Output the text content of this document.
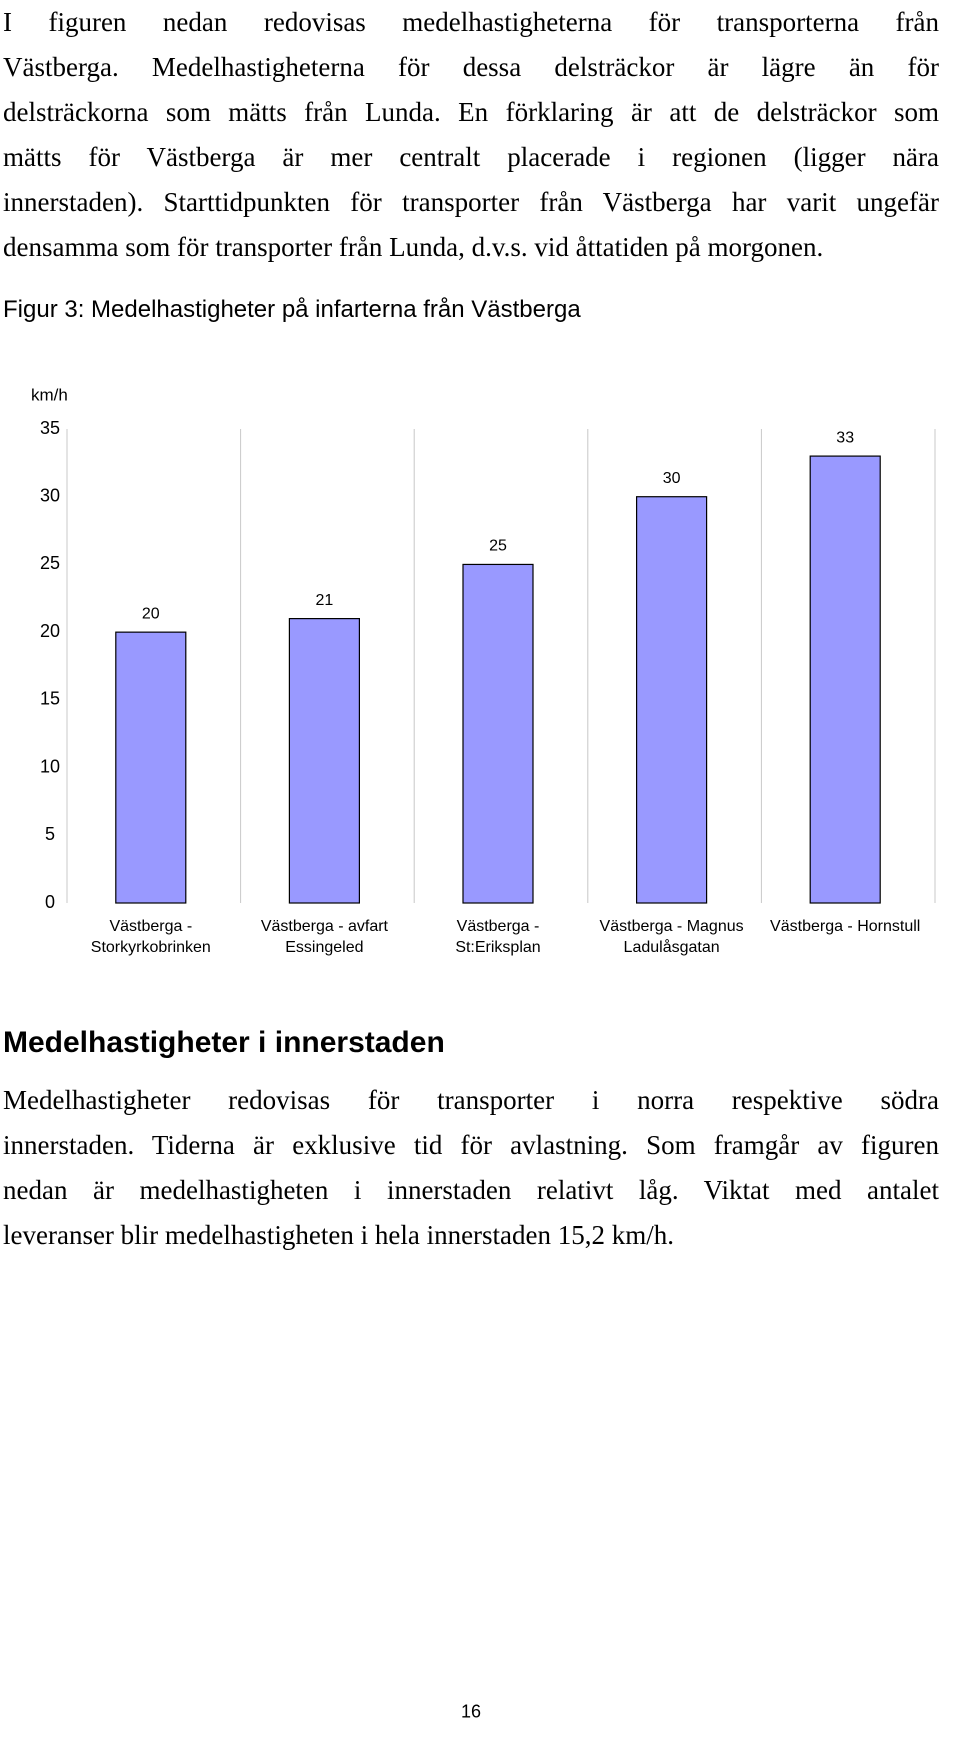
I figuren nedan redovisas medelhastigheterna för transporterna från
Västberga. Medelhastigheterna för dessa delsträckor är lägre än för
delsträckorna som mätts från Lunda. En förklaring är att de delsträckor som
mätts för Västberga är mer centralt placerade i regionen (ligger nära
innerstaden). Starttidpunkten för transporter från Västberga har varit ungefär
densamma som för transporter från Lunda, d.v.s. vid åttatiden på morgonen.

Figur 3: Medelhastigheter på infarterna från Västberga

km/h
0
5
10
15
20
25
30
35
20
Västberga -
Storkyrkobrinken
21
Västberga - avfart
Essingeled
25
Västberga -
St:Eriksplan
30
Västberga - Magnus
Ladulåsgatan
33
Västberga - Hornstull
Medelhastigheter i innerstaden
Medelhastigheter redovisas för transporter i norra respektive södra
innerstaden. Tiderna är exklusive tid för avlastning. Som framgår av figuren
nedan är medelhastigheten i innerstaden relativt låg. Viktat med antalet
leveranser blir medelhastigheten i hela innerstaden 15,2 km/h.
16
